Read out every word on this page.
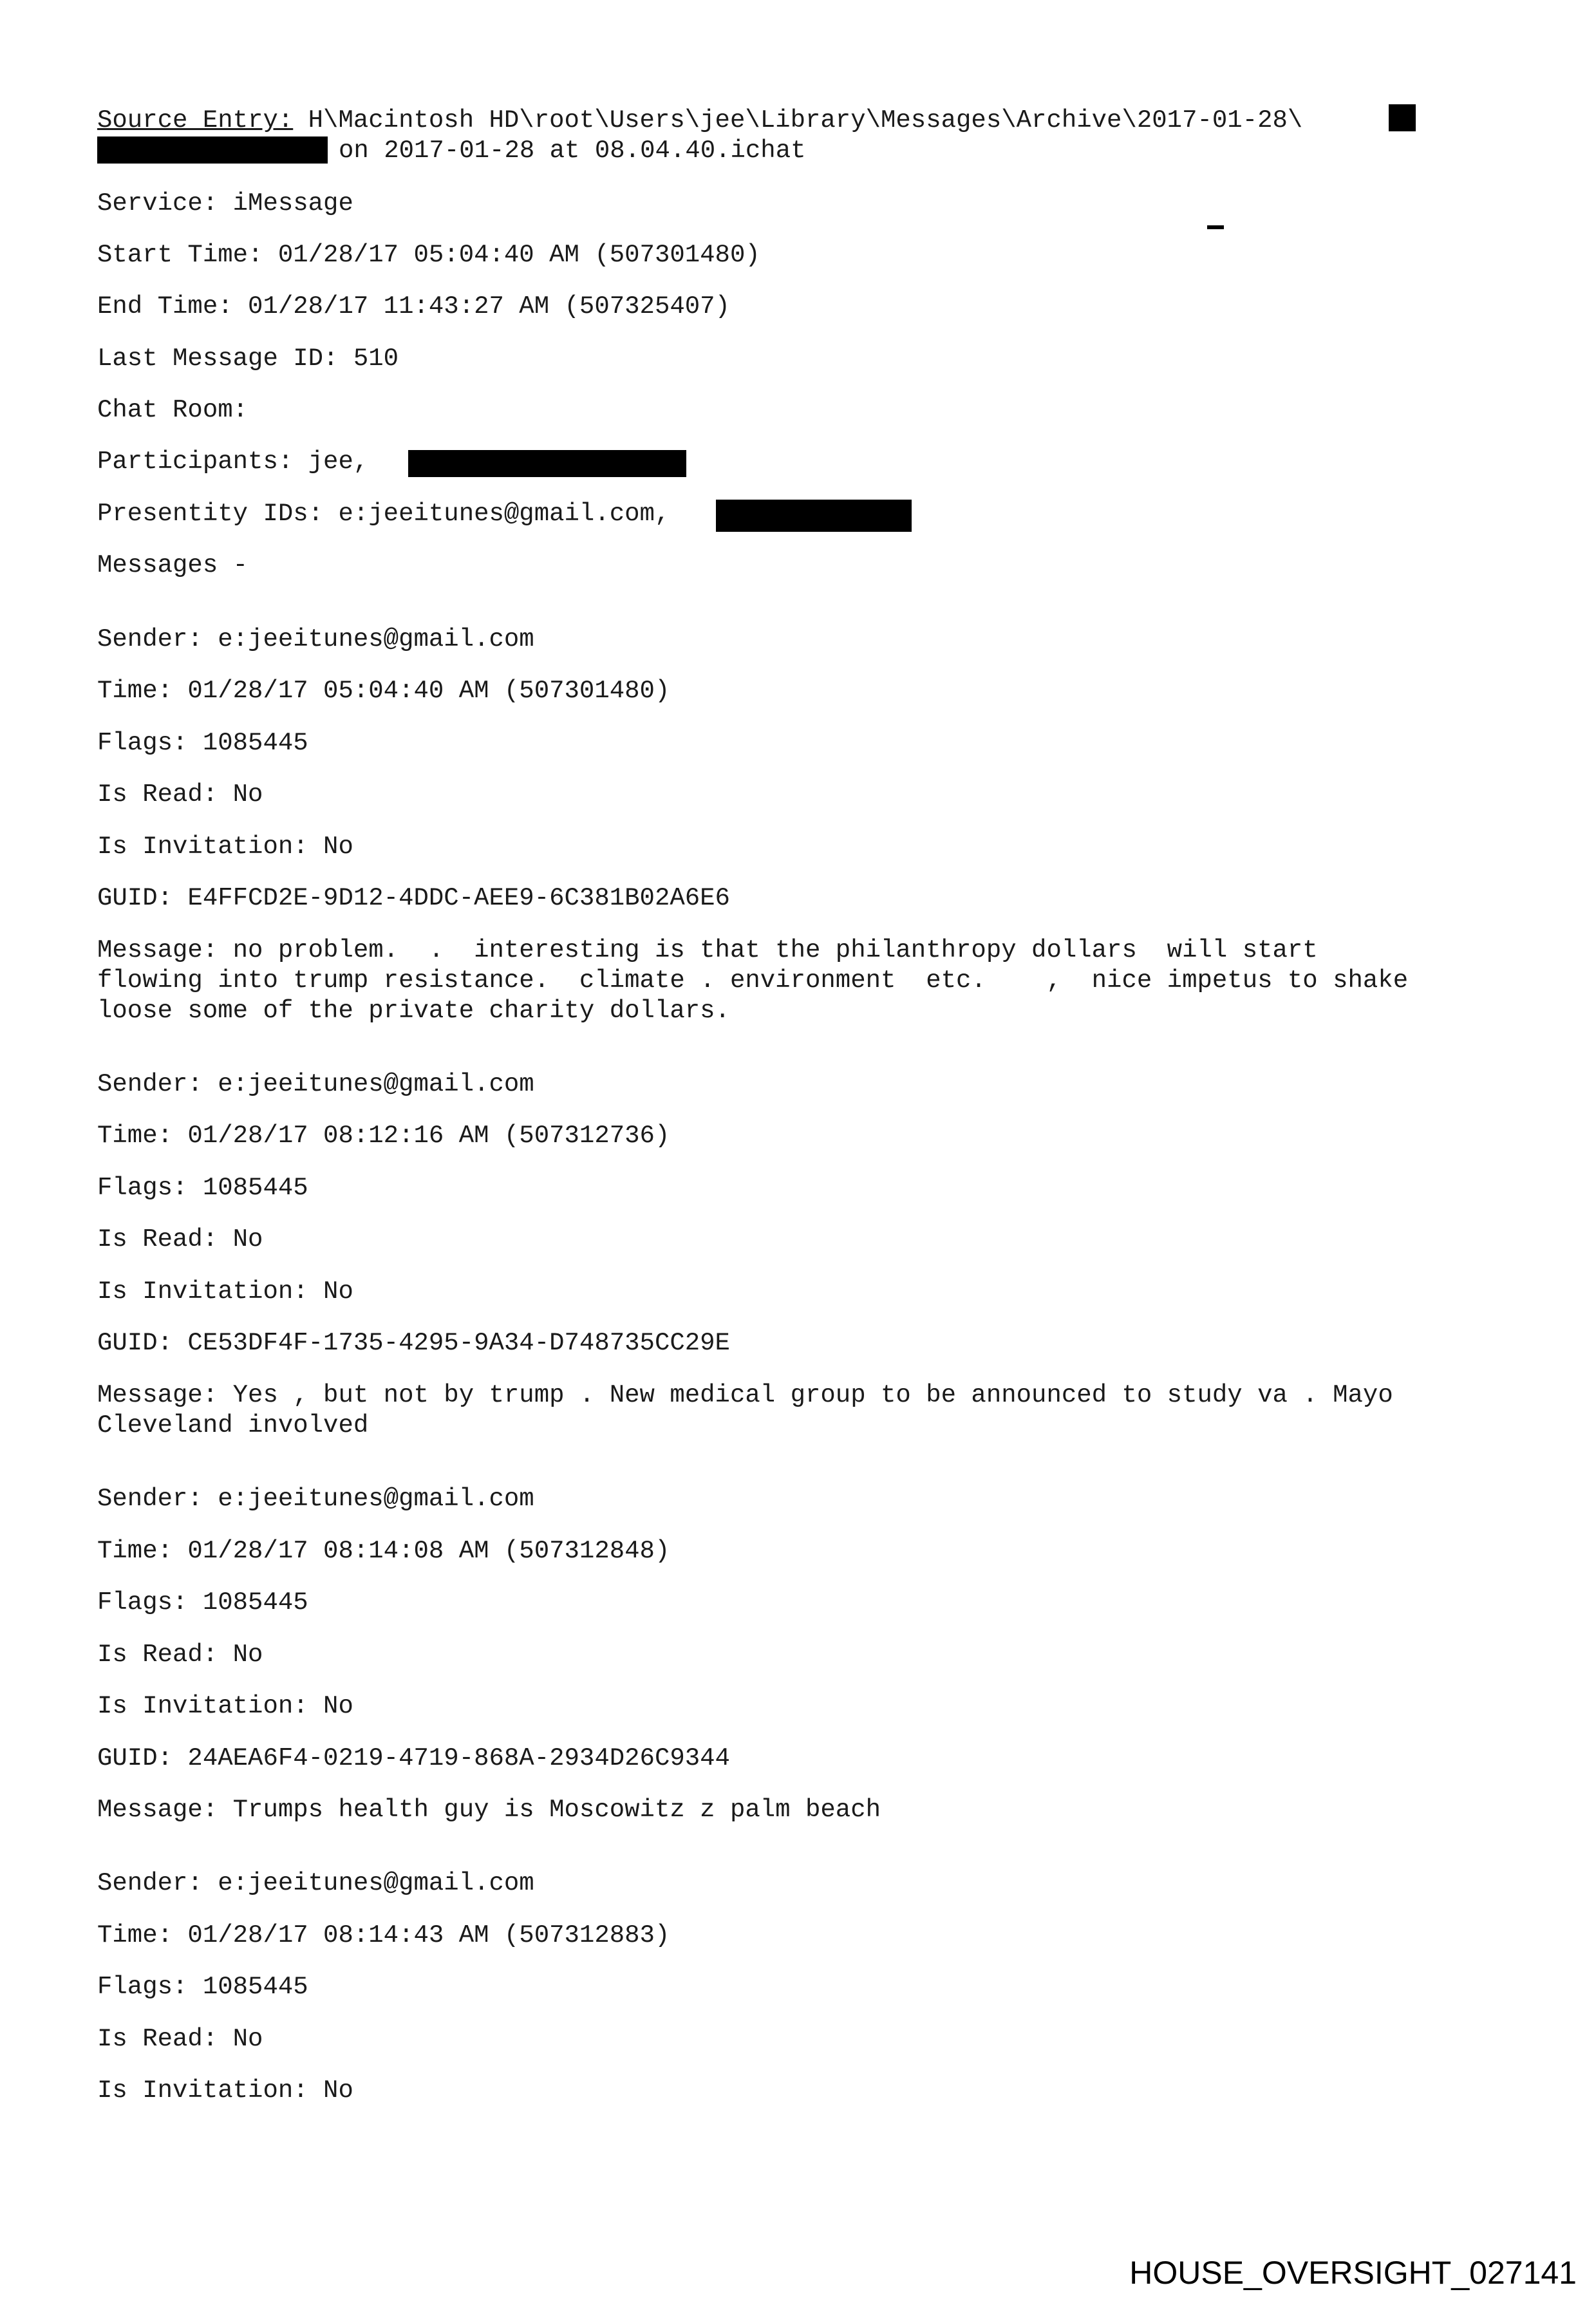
Source Entry: H\Macintosh HD\root\Users\jee\Library\Messages\Archive\2017-01-28\

on 2017-01-28 at 08.04.40.ichat

Service: iMessage

Start Time: 01/28/17 05:04:40 AM (507301480)

End Time: 01/28/17 11:43:27 AM (507325407)

Last Message ID: 510

Chat Room:

Participants: jee,

Presentity IDs: e:jeeitunes@gmail.com,

Messages -

Sender: e:jeeitunes@gmail.com

Time: 01/28/17 05:04:40 AM (507301480)

Flags: 1085445

Is Read: No

Is Invitation: No

GUID: E4FFCD2E-9D12-4DDC-AEE9-6C381B02A6E6

Message: no problem.  .  interesting is that the philanthropy dollars  will start
flowing into trump resistance.  climate . environment  etc.    ,  nice impetus to shake
loose some of the private charity dollars.

Sender: e:jeeitunes@gmail.com

Time: 01/28/17 08:12:16 AM (507312736)

Flags: 1085445

Is Read: No

Is Invitation: No

GUID: CE53DF4F-1735-4295-9A34-D748735CC29E

Message: Yes , but not by trump . New medical group to be announced to study va . Mayo
Cleveland involved

Sender: e:jeeitunes@gmail.com

Time: 01/28/17 08:14:08 AM (507312848)

Flags: 1085445

Is Read: No

Is Invitation: No

GUID: 24AEA6F4-0219-4719-868A-2934D26C9344

Message: Trumps health guy is Moscowitz z palm beach

Sender: e:jeeitunes@gmail.com

Time: 01/28/17 08:14:43 AM (507312883)

Flags: 1085445

Is Read: No

Is Invitation: No

HOUSE_OVERSIGHT_027141
